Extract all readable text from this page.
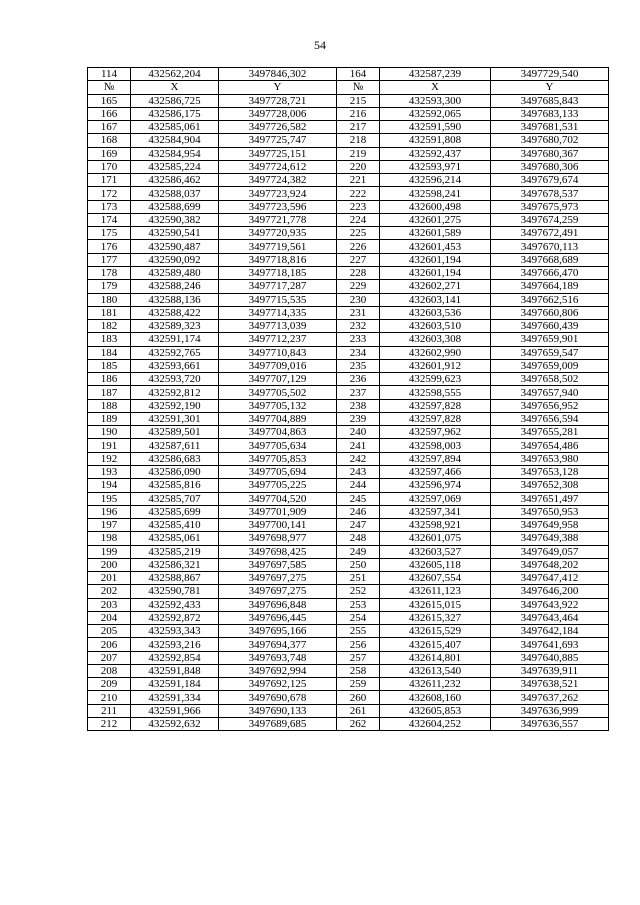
54
114	432562,204	3497846,302	164	432587,239	3497729,540
№	X	Y	№	X	Y
165	432586,725	3497728,721	215	432593,300	3497685,843
166	432586,175	3497728,006	216	432592,065	3497683,133
167	432585,061	3497726,582	217	432591,590	3497681,531
168	432584,904	3497725,747	218	432591,808	3497680,702
169	432584,954	3497725,151	219	432592,437	3497680,367
170	432585,224	3497724,612	220	432593,971	3497680,306
171	432586,462	3497724,382	221	432596,214	3497679,674
172	432588,037	3497723,924	222	432598,241	3497678,537
173	432588,699	3497723,596	223	432600,498	3497675,973
174	432590,382	3497721,778	224	432601,275	3497674,259
175	432590,541	3497720,935	225	432601,589	3497672,491
176	432590,487	3497719,561	226	432601,453	3497670,113
177	432590,092	3497718,816	227	432601,194	3497668,689
178	432589,480	3497718,185	228	432601,194	3497666,470
179	432588,246	3497717,287	229	432602,271	3497664,189
180	432588,136	3497715,535	230	432603,141	3497662,516
181	432588,422	3497714,335	231	432603,536	3497660,806
182	432589,323	3497713,039	232	432603,510	3497660,439
183	432591,174	3497712,237	233	432603,308	3497659,901
184	432592,765	3497710,843	234	432602,990	3497659,547
185	432593,661	3497709,016	235	432601,912	3497659,009
186	432593,720	3497707,129	236	432599,623	3497658,502
187	432592,812	3497705,502	237	432598,555	3497657,940
188	432592,190	3497705,132	238	432597,828	3497656,952
189	432591,301	3497704,889	239	432597,828	3497656,594
190	432589,501	3497704,863	240	432597,962	3497655,281
191	432587,611	3497705,634	241	432598,003	3497654,486
192	432586,683	3497705,853	242	432597,894	3497653,980
193	432586,090	3497705,694	243	432597,466	3497653,128
194	432585,816	3497705,225	244	432596,974	3497652,308
195	432585,707	3497704,520	245	432597,069	3497651,497
196	432585,699	3497701,909	246	432597,341	3497650,953
197	432585,410	3497700,141	247	432598,921	3497649,958
198	432585,061	3497698,977	248	432601,075	3497649,388
199	432585,219	3497698,425	249	432603,527	3497649,057
200	432586,321	3497697,585	250	432605,118	3497648,202
201	432588,867	3497697,275	251	432607,554	3497647,412
202	432590,781	3497697,275	252	432611,123	3497646,200
203	432592,433	3497696,848	253	432615,015	3497643,922
204	432592,872	3497696,445	254	432615,327	3497643,464
205	432593,343	3497695,166	255	432615,529	3497642,184
206	432593,216	3497694,377	256	432615,407	3497641,693
207	432592,854	3497693,748	257	432614,801	3497640,885
208	432591,848	3497692,994	258	432613,540	3497639,911
209	432591,184	3497692,125	259	432611,232	3497638,521
210	432591,334	3497690,678	260	432608,160	3497637,262
211	432591,966	3497690,133	261	432605,853	3497636,999
212	432592,632	3497689,685	262	432604,252	3497636,557
